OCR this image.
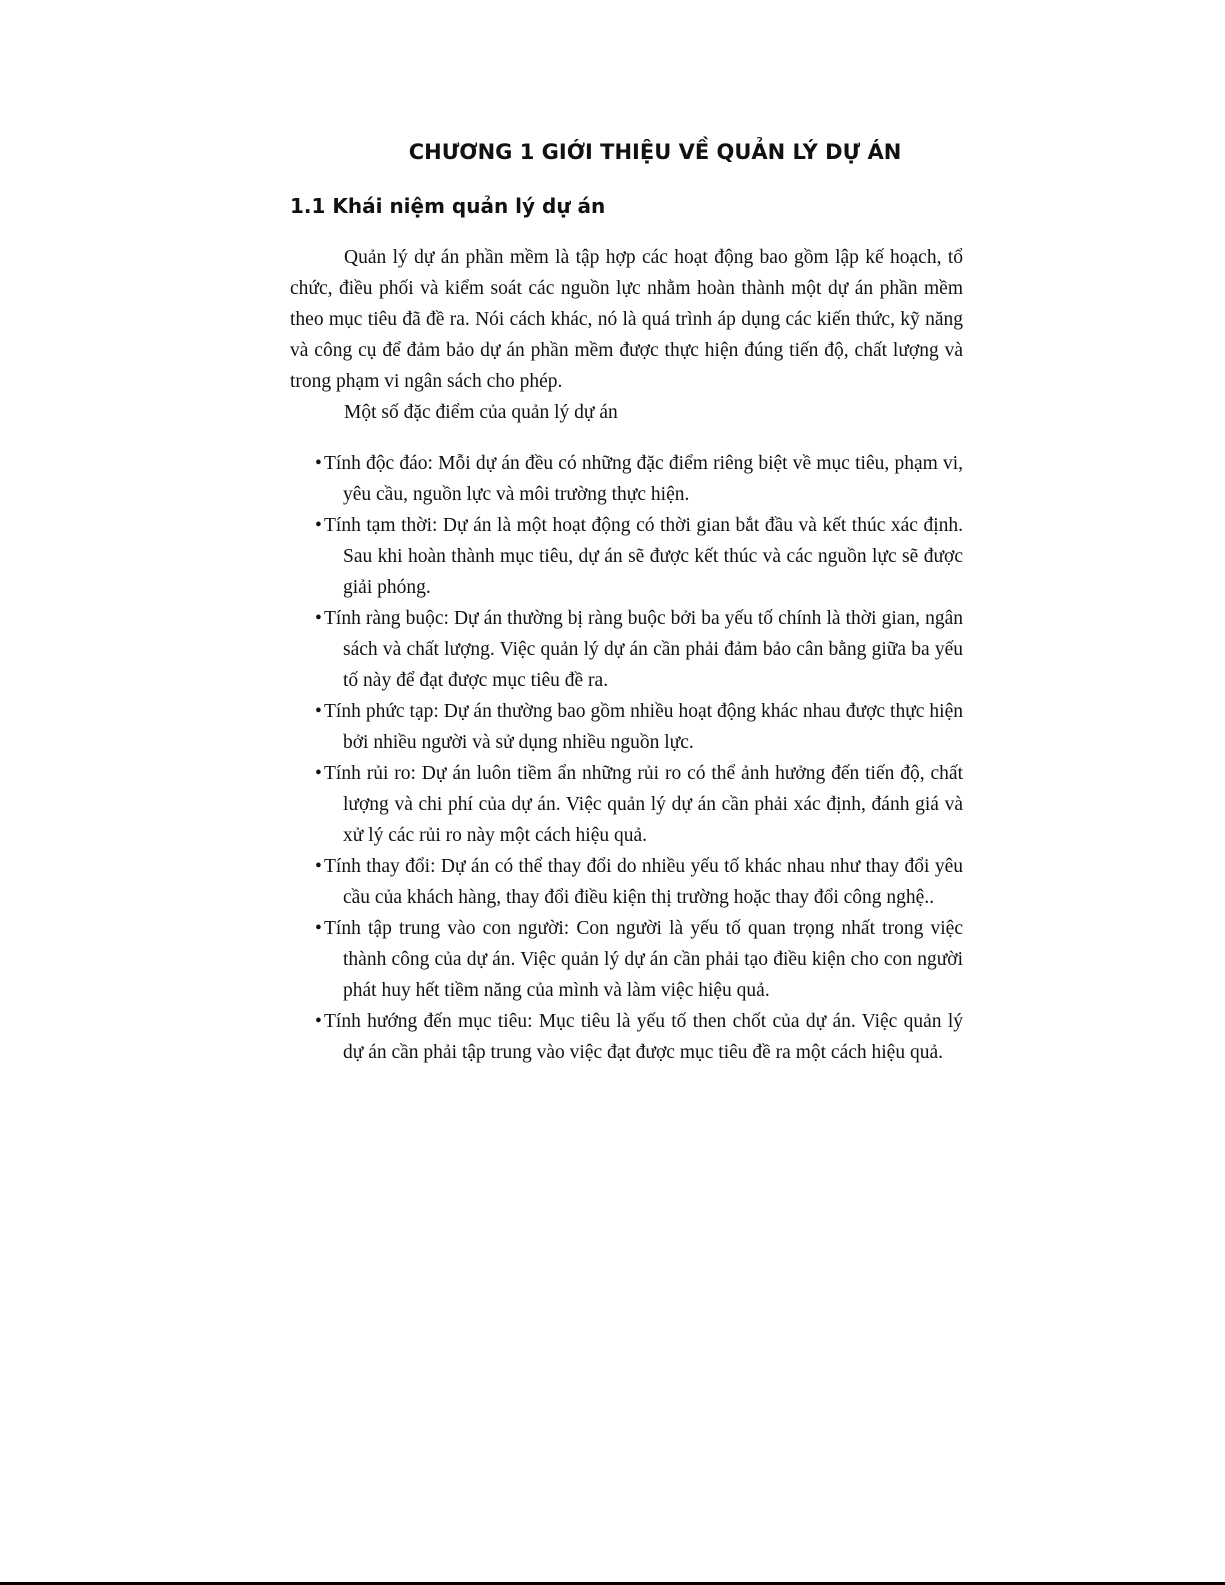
CHƯƠNG 1 GIỚI THIỆU VỀ QUẢN LÝ DỰ ÁN
1.1 Khái niệm quản lý dự án

Quản lý dự án phần mềm là tập hợp các hoạt động bao gồm lập kế hoạch, tổ chức, điều phối và kiểm soát các nguồn lực nhằm hoàn thành một dự án phần mềm theo mục tiêu đã đề ra. Nói cách khác, nó là quá trình áp dụng các kiến thức, kỹ năng và công cụ để đảm bảo dự án phần mềm được thực hiện đúng tiến độ, chất lượng và trong phạm vi ngân sách cho phép.

Một số đặc điểm của quản lý dự án

• Tính độc đáo: Mỗi dự án đều có những đặc điểm riêng biệt về mục tiêu, phạm vi, yêu cầu, nguồn lực và môi trường thực hiện.
• Tính tạm thời: Dự án là một hoạt động có thời gian bắt đầu và kết thúc xác định. Sau khi hoàn thành mục tiêu, dự án sẽ được kết thúc và các nguồn lực sẽ được giải phóng.
• Tính ràng buộc: Dự án thường bị ràng buộc bởi ba yếu tố chính là thời gian, ngân sách và chất lượng. Việc quản lý dự án cần phải đảm bảo cân bằng giữa ba yếu tố này để đạt được mục tiêu đề ra.
• Tính phức tạp: Dự án thường bao gồm nhiều hoạt động khác nhau được thực hiện bởi nhiều người và sử dụng nhiều nguồn lực.
• Tính rủi ro: Dự án luôn tiềm ẩn những rủi ro có thể ảnh hưởng đến tiến độ, chất lượng và chi phí của dự án. Việc quản lý dự án cần phải xác định, đánh giá và xử lý các rủi ro này một cách hiệu quả.
• Tính thay đổi: Dự án có thể thay đổi do nhiều yếu tố khác nhau như thay đổi yêu cầu của khách hàng, thay đổi điều kiện thị trường hoặc thay đổi công nghệ..
• Tính tập trung vào con người: Con người là yếu tố quan trọng nhất trong việc thành công của dự án. Việc quản lý dự án cần phải tạo điều kiện cho con người phát huy hết tiềm năng của mình và làm việc hiệu quả.
• Tính hướng đến mục tiêu: Mục tiêu là yếu tố then chốt của dự án. Việc quản lý dự án cần phải tập trung vào việc đạt được mục tiêu đề ra một cách hiệu quả.
